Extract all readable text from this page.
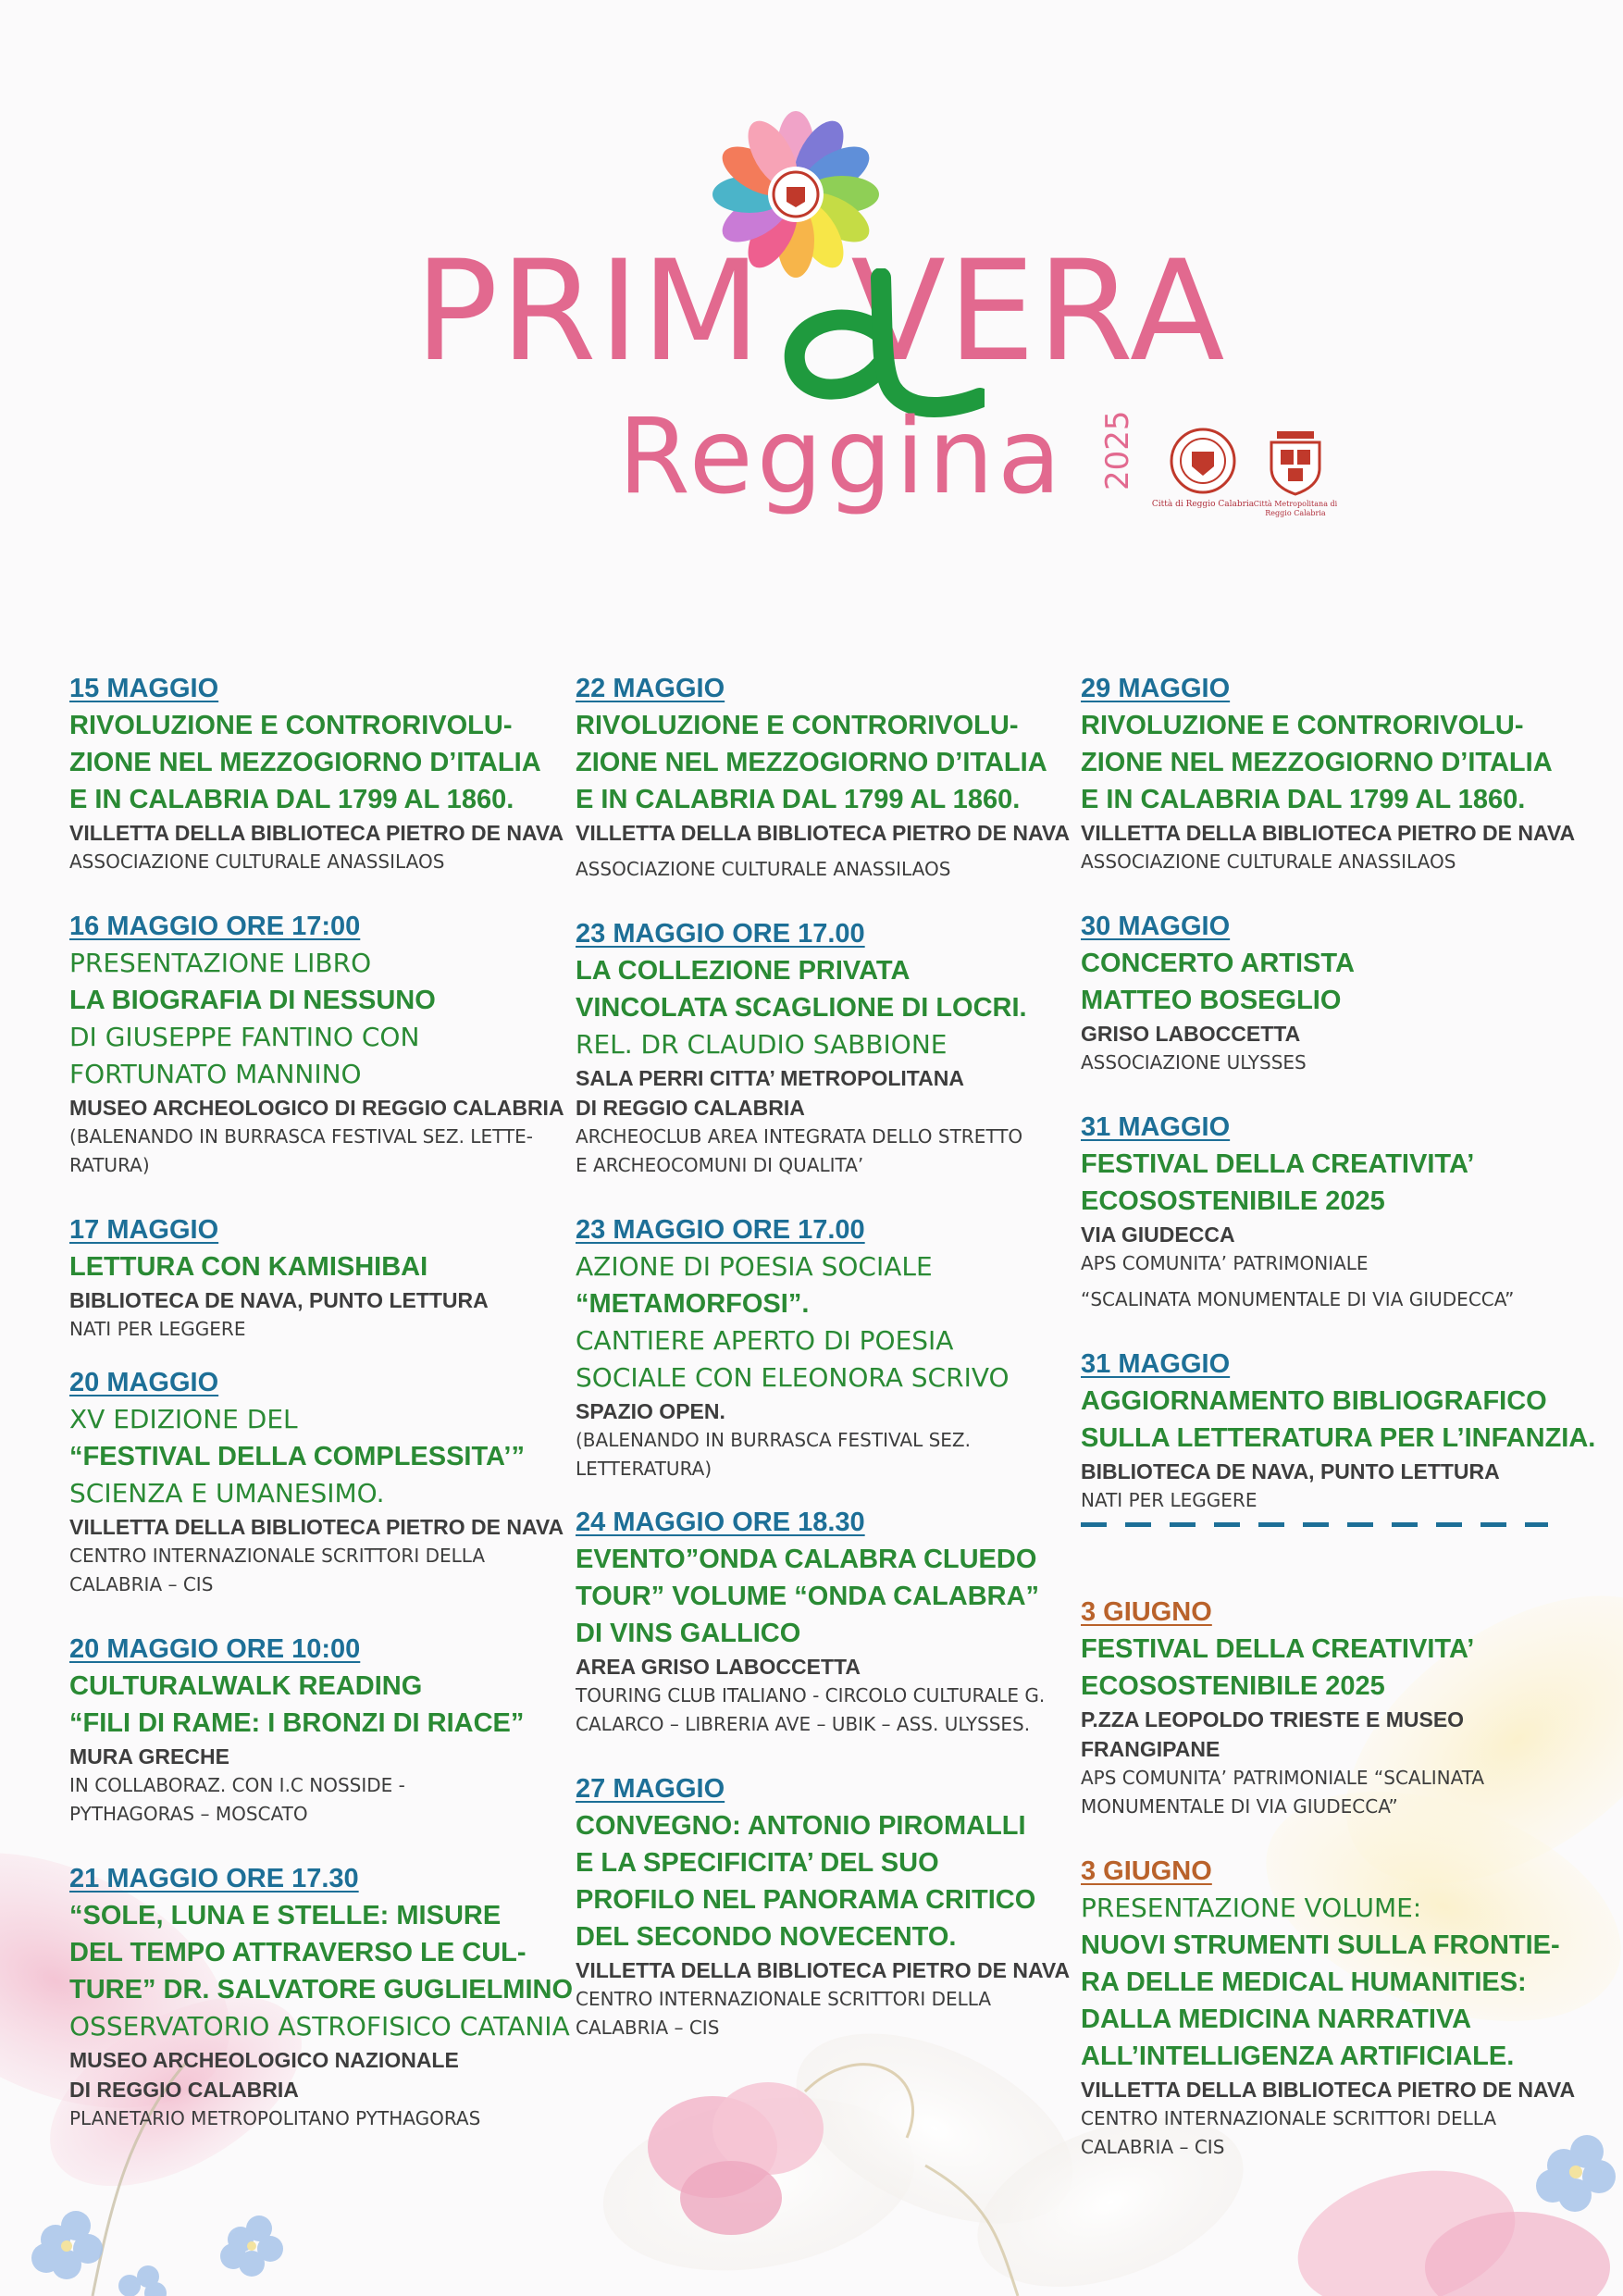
PRIM VERA
Reggina 2025
Città di Reggio Calabria Città Metropolitana di Reggio Calabria

15 MAGGIO

RIVOLUZIONE E CONTRORIVOLU-

ZIONE NEL MEZZOGIORNO D’ITALIA

E IN CALABRIA DAL 1799 AL 1860.

VILLETTA DELLA BIBLIOTECA PIETRO DE NAVA

ASSOCIAZIONE CULTURALE ANASSILAOS

16 MAGGIO ORE 17:00

PRESENTAZIONE LIBRO

LA BIOGRAFIA DI NESSUNO

DI GIUSEPPE FANTINO CON

FORTUNATO MANNINO

MUSEO ARCHEOLOGICO DI REGGIO CALABRIA

(BALENANDO IN BURRASCA FESTIVAL SEZ. LETTE-

RATURA)

17 MAGGIO

LETTURA CON KAMISHIBAI

BIBLIOTECA DE NAVA, PUNTO LETTURA

NATI PER LEGGERE

20 MAGGIO

XV EDIZIONE DEL

“FESTIVAL DELLA COMPLESSITA’”

SCIENZA E UMANESIMO.

VILLETTA DELLA BIBLIOTECA PIETRO DE NAVA

CENTRO INTERNAZIONALE SCRITTORI DELLA

CALABRIA – CIS

20 MAGGIO ORE 10:00

CULTURALWALK READING

“FILI DI RAME: I BRONZI DI RIACE”

MURA GRECHE

IN COLLABORAZ. CON I.C NOSSIDE -

PYTHAGORAS – MOSCATO

21 MAGGIO ORE 17.30

“SOLE, LUNA E STELLE: MISURE

DEL TEMPO ATTRAVERSO LE CUL-

TURE” DR. SALVATORE GUGLIELMINO

OSSERVATORIO ASTROFISICO CATANIA

MUSEO ARCHEOLOGICO NAZIONALE

DI REGGIO CALABRIA

PLANETARIO METROPOLITANO PYTHAGORAS

22 MAGGIO

RIVOLUZIONE E CONTRORIVOLU-

ZIONE NEL MEZZOGIORNO D’ITALIA

E IN CALABRIA DAL 1799 AL 1860.

VILLETTA DELLA BIBLIOTECA PIETRO DE NAVA

ASSOCIAZIONE CULTURALE ANASSILAOS

23 MAGGIO ORE 17.00

LA COLLEZIONE PRIVATA

VINCOLATA SCAGLIONE DI LOCRI.

REL. DR CLAUDIO SABBIONE

SALA PERRI CITTA’ METROPOLITANA

DI REGGIO CALABRIA

ARCHEOCLUB AREA INTEGRATA DELLO STRETTO

E ARCHEOCOMUNI DI QUALITA’

23 MAGGIO ORE 17.00

AZIONE DI POESIA SOCIALE

“METAMORFOSI”.

CANTIERE APERTO DI POESIA

SOCIALE CON ELEONORA SCRIVO

SPAZIO OPEN.

(BALENANDO IN BURRASCA FESTIVAL SEZ.

LETTERATURA)

24 MAGGIO ORE 18.30

EVENTO”ONDA CALABRA CLUEDO

TOUR” VOLUME “ONDA CALABRA”

DI VINS GALLICO

AREA GRISO LABOCCETTA

TOURING CLUB ITALIANO - CIRCOLO CULTURALE G.

CALARCO – LIBRERIA AVE – UBIK – ASS. ULYSSES.

27 MAGGIO

CONVEGNO: ANTONIO PIROMALLI

E LA SPECIFICITA’ DEL SUO

PROFILO NEL PANORAMA CRITICO

DEL SECONDO NOVECENTO.

VILLETTA DELLA BIBLIOTECA PIETRO DE NAVA

CENTRO INTERNAZIONALE SCRITTORI DELLA

CALABRIA – CIS

29 MAGGIO

RIVOLUZIONE E CONTRORIVOLU-

ZIONE NEL MEZZOGIORNO D’ITALIA

E IN CALABRIA DAL 1799 AL 1860.

VILLETTA DELLA BIBLIOTECA PIETRO DE NAVA

ASSOCIAZIONE CULTURALE ANASSILAOS

30 MAGGIO

CONCERTO ARTISTA

MATTEO BOSEGLIO

GRISO LABOCCETTA

ASSOCIAZIONE ULYSSES

31 MAGGIO

FESTIVAL DELLA CREATIVITA’

ECOSOSTENIBILE 2025

VIA GIUDECCA

APS COMUNITA’ PATRIMONIALE

“SCALINATA MONUMENTALE DI VIA GIUDECCA”

31 MAGGIO

AGGIORNAMENTO BIBLIOGRAFICO

SULLA LETTERATURA PER L’INFANZIA.

BIBLIOTECA DE NAVA, PUNTO LETTURA

NATI PER LEGGERE

3 GIUGNO

FESTIVAL DELLA CREATIVITA’

ECOSOSTENIBILE 2025

P.ZZA LEOPOLDO TRIESTE E MUSEO

FRANGIPANE

APS COMUNITA’ PATRIMONIALE “SCALINATA

MONUMENTALE DI VIA GIUDECCA”

3 GIUGNO

PRESENTAZIONE VOLUME:

NUOVI STRUMENTI SULLA FRONTIE-

RA DELLE MEDICAL HUMANITIES:

DALLA MEDICINA NARRATIVA

ALL’INTELLIGENZA ARTIFICIALE.

VILLETTA DELLA BIBLIOTECA PIETRO DE NAVA

CENTRO INTERNAZIONALE SCRITTORI DELLA

CALABRIA – CIS
